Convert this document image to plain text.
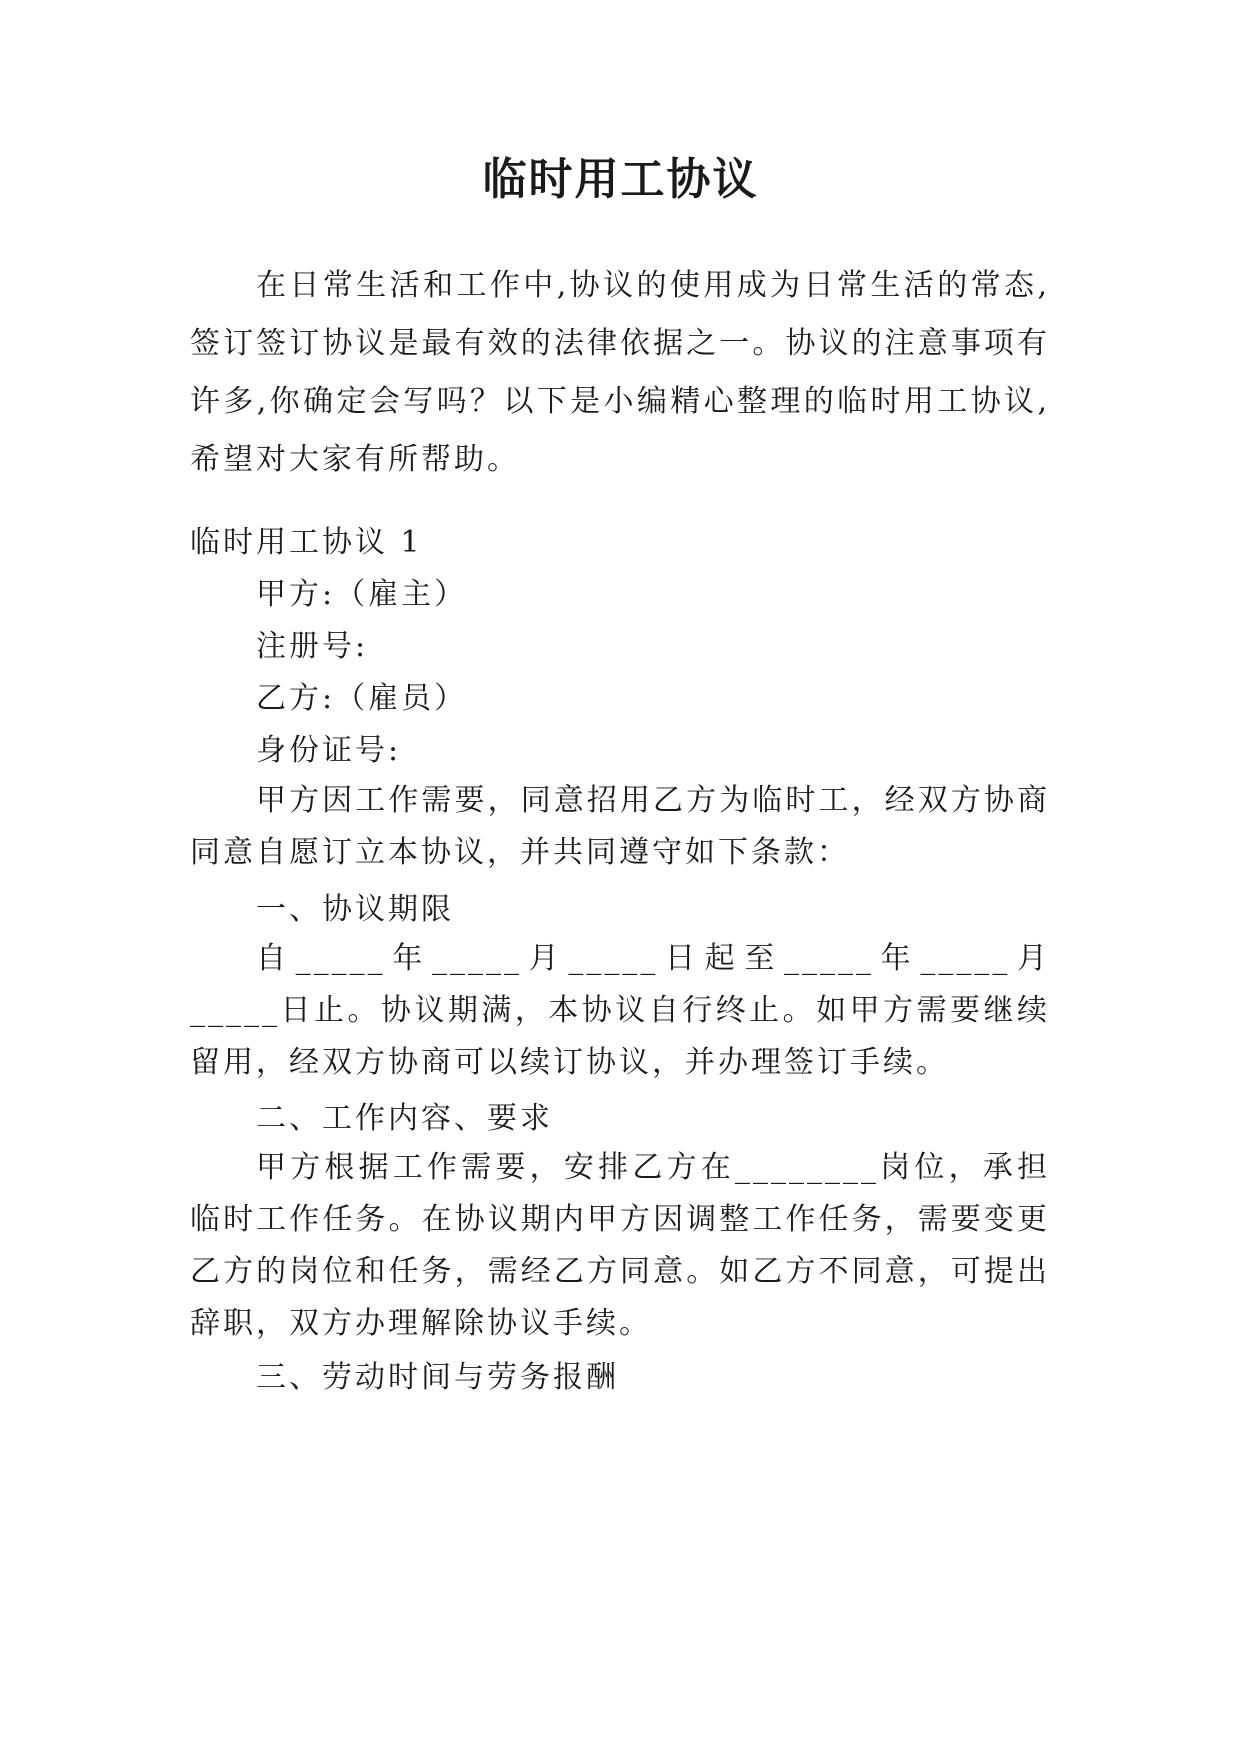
临时用工协议

在日常生活和工作中,协议的使用成为日常生活的常态,签订签订协议是最有效的法律依据之一。协议的注意事项有许多,你确定会写吗？以下是小编精心整理的临时用工协议,希望对大家有所帮助。

临时用工协议 1

甲方:（雇主）

注册号:

乙方:（雇员）

身份证号:

甲方因工作需要，同意招用乙方为临时工，经双方协商同意自愿订立本协议，并共同遵守如下条款：

一、协议期限

自_____年_____月_____日起至_____年_____月_____日止。协议期满，本协议自行终止。如甲方需要继续留用，经双方协商可以续订协议，并办理签订手续。

二、工作内容、要求

甲方根据工作需要，安排乙方在________岗位，承担临时工作任务。在协议期内甲方因调整工作任务，需要变更乙方的岗位和任务，需经乙方同意。如乙方不同意，可提出辞职，双方办理解除协议手续。

三、劳动时间与劳务报酬
